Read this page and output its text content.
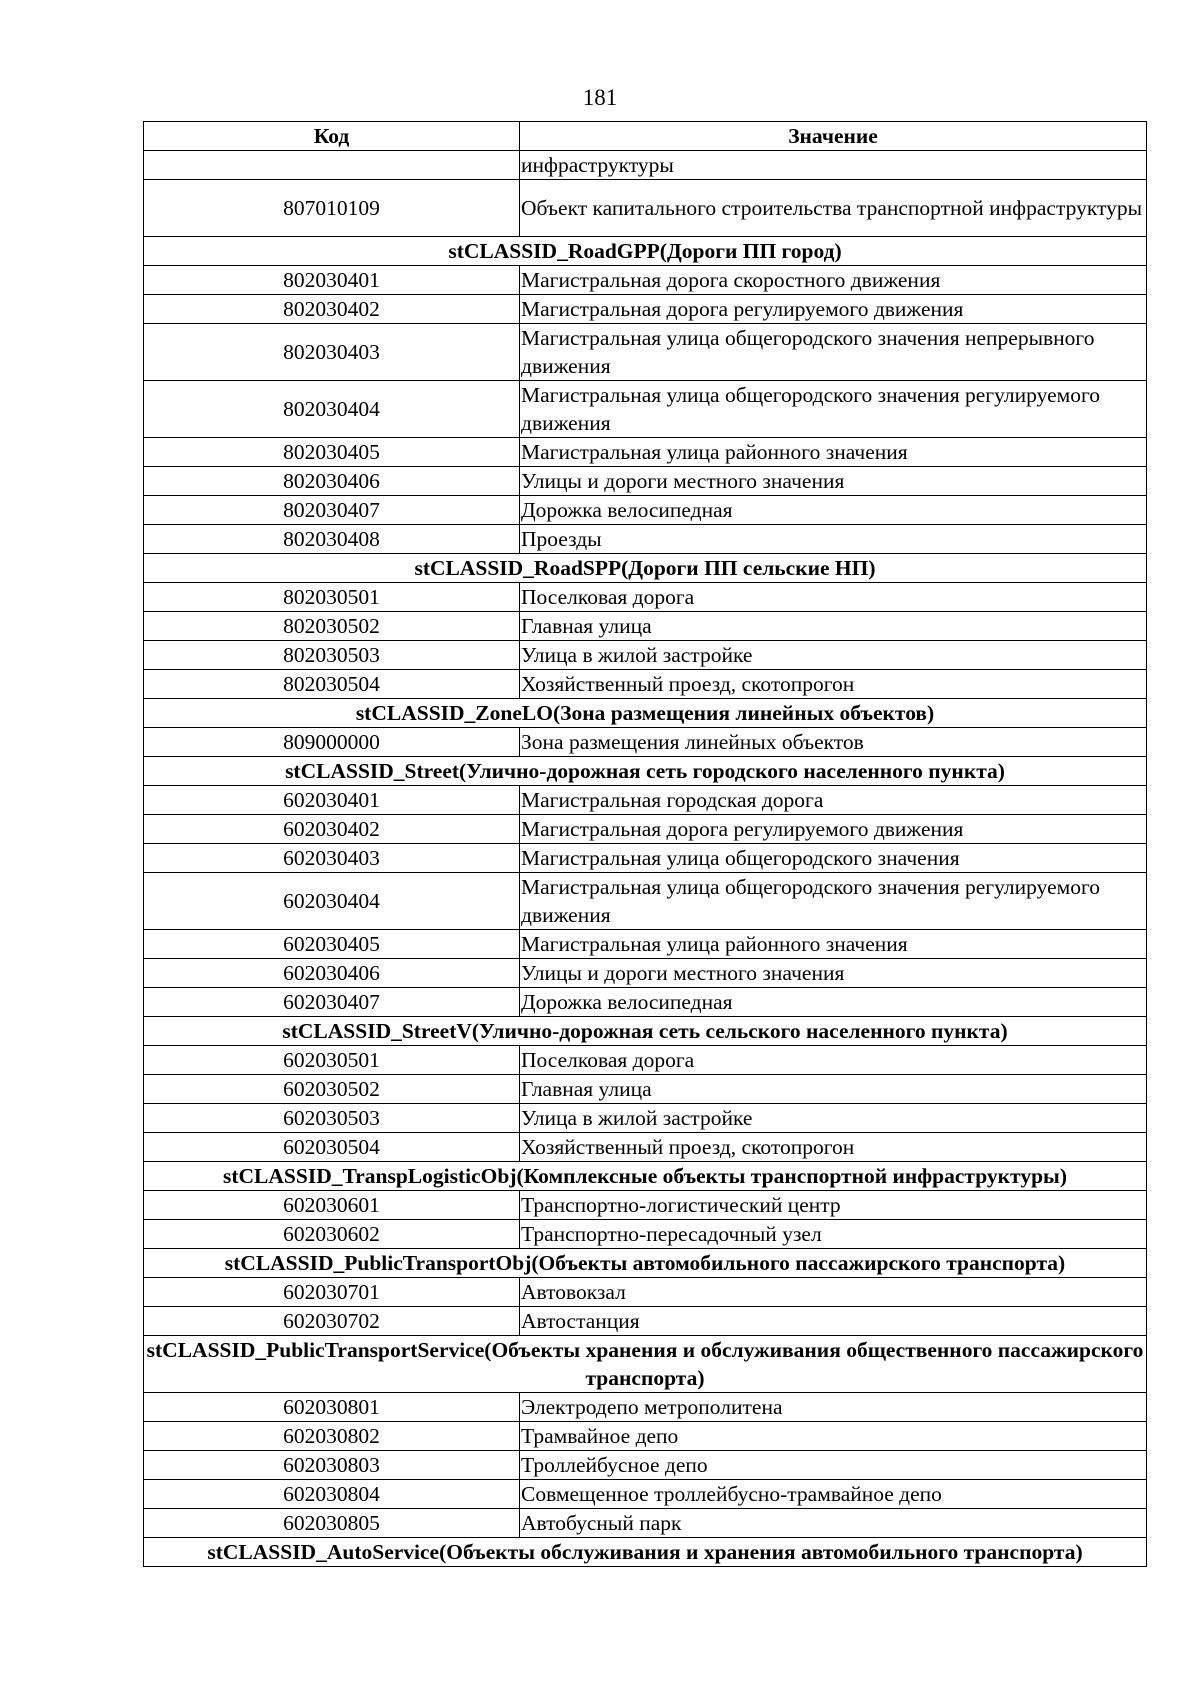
181
Код	Значение
	инфраструктуры
807010109	Объект капитального строительства транспортной инфраструктуры
stCLASSID_RoadGPP(Дороги ПП город)	
802030401	Магистральная дорога скоростного движения
802030402	Магистральная дорога регулируемого движения
802030403	Магистральная улица общегородского значения непрерывного движения
802030404	Магистральная улица общегородского значения регулируемого движения
802030405	Магистральная улица районного значения
802030406	Улицы и дороги местного значения
802030407	Дорожка велосипедная
802030408	Проезды
stCLASSID_RoadSPP(Дороги ПП сельские НП)	
802030501	Поселковая дорога
802030502	Главная улица
802030503	Улица в жилой застройке
802030504	Хозяйственный проезд, скотопрогон
stCLASSID_ZoneLO(Зона размещения линейных объектов)	
809000000	Зона размещения линейных объектов
stCLASSID_Street(Улично-дорожная сеть городского населенного пункта)	
602030401	Магистральная городская дорога
602030402	Магистральная дорога регулируемого движения
602030403	Магистральная улица общегородского значения
602030404	Магистральная улица общегородского значения регулируемого движения
602030405	Магистральная улица районного значения
602030406	Улицы и дороги местного значения
602030407	Дорожка велосипедная
stCLASSID_StreetV(Улично-дорожная сеть сельского населенного пункта)	
602030501	Поселковая дорога
602030502	Главная улица
602030503	Улица в жилой застройке
602030504	Хозяйственный проезд, скотопрогон
stCLASSID_TranspLogisticObj(Комплексные объекты транспортной инфраструктуры)	
602030601	Транспортно-логистический центр
602030602	Транспортно-пересадочный узел
stCLASSID_PublicTransportObj(Объекты автомобильного пассажирского транспорта)	
602030701	Автовокзал
602030702	Автостанция
stCLASSID_PublicTransportService(Объекты хранения и обслуживания общественного пассажирского транспорта)	
602030801	Электродепо метрополитена
602030802	Трамвайное депо
602030803	Троллейбусное депо
602030804	Совмещенное троллейбусно-трамвайное депо
602030805	Автобусный парк
stCLASSID_AutoService(Объекты обслуживания и хранения автомобильного транспорта)	
